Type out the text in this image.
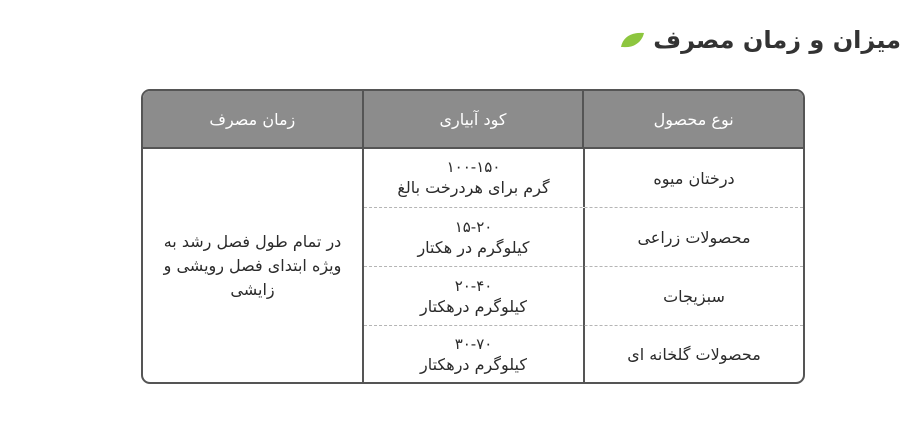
میزان و زمان مصرف
نوع محصول
کود آبیاری
زمان مصرف
در تمام طول فصل رشد به ویژه ابتدای فصل رویشی و زایشی
درختان میوه
۱۰۰-۱۵۰
گرم برای هردرخت بالغ
محصولات زراعی
۱۵-۲۰
کیلوگرم در هکتار
سبزیجات
۲۰-۴۰
کیلوگرم درهکتار
محصولات گلخانه ای
۳۰-۷۰
کیلوگرم درهکتار
